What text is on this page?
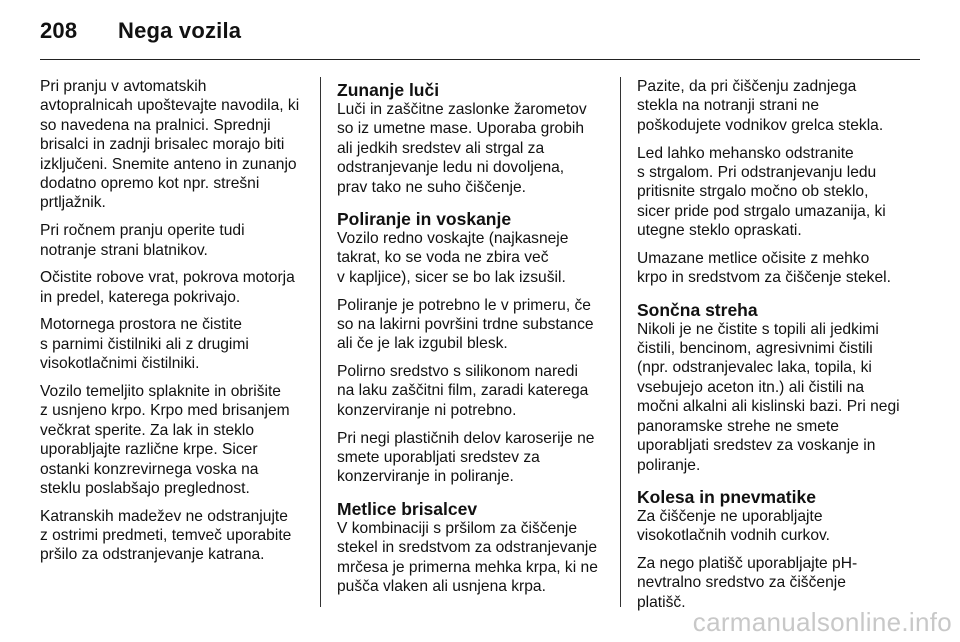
208 Nega vozila

Pri pranju v avtomatskih
avtopralnicah upoštevajte navodila, ki
so navedena na pralnici. Sprednji
brisalci in zadnji brisalec morajo biti
izključeni. Snemite anteno in zunanjo
dodatno opremo kot npr. strešni
prtljažnik.

Pri ročnem pranju operite tudi
notranje strani blatnikov.

Očistite robove vrat, pokrova motorja
in predel, katerega pokrivajo.

Motornega prostora ne čistite
s parnimi čistilniki ali z drugimi
visokotlačnimi čistilniki.

Vozilo temeljito splaknite in obrišite
z usnjeno krpo. Krpo med brisanjem
večkrat sperite. Za lak in steklo
uporabljajte različne krpe. Sicer
ostanki konzrevirnega voska na
steklu poslabšajo preglednost.

Katranskih madežev ne odstranjujte
z ostrimi predmeti, temveč uporabite
pršilo za odstranjevanje katrana.

Zunanje luči

Luči in zaščitne zaslonke žarometov
so iz umetne mase. Uporaba grobih
ali jedkih sredstev ali strgal za
odstranjevanje ledu ni dovoljena,
prav tako ne suho čiščenje.

Poliranje in voskanje

Vozilo redno voskajte (najkasneje
takrat, ko se voda ne zbira več
v kapljice), sicer se bo lak izsušil.

Poliranje je potrebno le v primeru, če
so na lakirni površini trdne substance
ali če je lak izgubil blesk.

Polirno sredstvo s silikonom naredi
na laku zaščitni film, zaradi katerega
konzerviranje ni potrebno.

Pri negi plastičnih delov karoserije ne
smete uporabljati sredstev za
konzerviranje in poliranje.

Metlice brisalcev

V kombinaciji s pršilom za čiščenje
stekel in sredstvom za odstranjevanje
mrčesa je primerna mehka krpa, ki ne
pušča vlaken ali usnjena krpa.

Pazite, da pri čiščenju zadnjega
stekla na notranji strani ne
poškodujete vodnikov grelca stekla.

Led lahko mehansko odstranite
s strgalom. Pri odstranjevanju ledu
pritisnite strgalo močno ob steklo,
sicer pride pod strgalo umazanija, ki
utegne steklo opraskati.

Umazane metlice očisite z mehko
krpo in sredstvom za čiščenje stekel.

Sončna streha

Nikoli je ne čistite s topili ali jedkimi
čistili, bencinom, agresivnimi čistili
(npr. odstranjevalec laka, topila, ki
vsebujejo aceton itn.) ali čistili na
močni alkalni ali kislinski bazi. Pri negi
panoramske strehe ne smete
uporabljati sredstev za voskanje in
poliranje.

Kolesa in pnevmatike

Za čiščenje ne uporabljajte
visokotlačnih vodnih curkov.

Za nego platišč uporabljajte pH-
nevtralno sredstvo za čiščenje
platišč.

carmanualsonline.info
